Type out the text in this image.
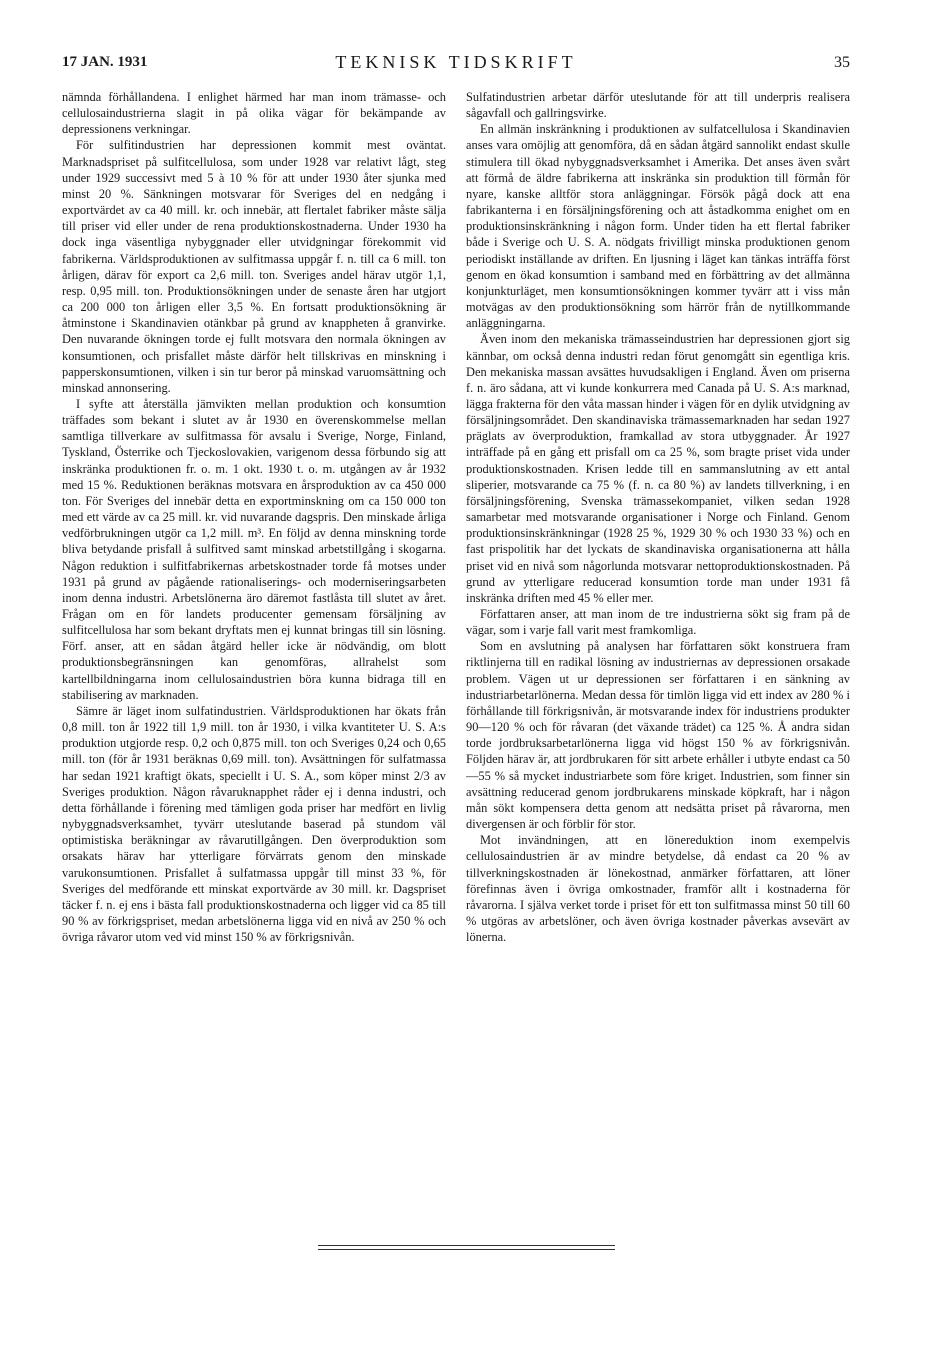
17 JAN. 1931	TEKNISK TIDSKRIFT	35

nämnda förhållandena. I enlighet härmed har man inom trämasse- och cellulosaindustrierna slagit in på olika vägar för bekämpande av depressionens verkningar.

För sulfitindustrien har depressionen kommit mest oväntat. Marknadspriset på sulfitcellulosa, som under 1928 var relativt lågt, steg under 1929 successivt med 5 à 10 % för att under 1930 åter sjunka med minst 20 %. Sänkningen motsvarar för Sveriges del en nedgång i exportvärdet av ca 40 mill. kr. och innebär, att flertalet fabriker måste sälja till priser vid eller under de rena produktionskostnaderna. Under 1930 ha dock inga väsentliga nybyggnader eller utvidgningar förekommit vid fabrikerna. Världsproduktionen av sulfitmassa uppgår f. n. till ca 6 mill. ton årligen, därav för export ca 2,6 mill. ton. Sveriges andel härav utgör 1,1, resp. 0,95 mill. ton. Produktionsökningen under de senaste åren har utgjort ca 200 000 ton årligen eller 3,5 %. En fortsatt produktionsökning är åtminstone i Skandinavien otänkbar på grund av knappheten å granvirke. Den nuvarande ökningen torde ej fullt motsvara den normala ökningen av konsumtionen, och prisfallet måste därför helt tillskrivas en minskning i papperskonsumtionen, vilken i sin tur beror på minskad varuomsättning och minskad annonsering.

I syfte att återställa jämvikten mellan produktion och konsumtion träffades som bekant i slutet av år 1930 en överenskommelse mellan samtliga tillverkare av sulfitmassa för avsalu i Sverige, Norge, Finland, Tyskland, Österrike och Tjeckoslovakien, varigenom dessa förbundo sig att inskränka produktionen fr. o. m. 1 okt. 1930 t. o. m. utgången av år 1932 med 15 %. Reduktionen beräknas motsvara en årsproduktion av ca 450 000 ton. För Sveriges del innebär detta en exportminskning om ca 150 000 ton med ett värde av ca 25 mill. kr. vid nuvarande dagspris. Den minskade årliga vedförbrukningen utgör ca 1,2 mill. m³. En följd av denna minskning torde bliva betydande prisfall å sulfitved samt minskad arbetstillgång i skogarna. Någon reduktion i sulfitfabrikernas arbetskostnader torde få motses under 1931 på grund av pågående rationaliserings- och moderniseringsarbeten inom denna industri. Arbetslönerna äro däremot fastlåsta till slutet av året. Frågan om en för landets producenter gemensam försäljning av sulfitcellulosa har som bekant dryftats men ej kunnat bringas till sin lösning. Förf. anser, att en sådan åtgärd heller icke är nödvändig, om blott produktionsbegränsningen kan genomföras, allrahelst som kartellbildningarna inom cellulosaindustrien böra kunna bidraga till en stabilisering av marknaden.

Sämre är läget inom sulfatindustrien. Världsproduktionen har ökats från 0,8 mill. ton år 1922 till 1,9 mill. ton år 1930, i vilka kvantiteter U. S. A:s produktion utgjorde resp. 0,2 och 0,875 mill. ton och Sveriges 0,24 och 0,65 mill. ton (för år 1931 beräknas 0,69 mill. ton). Avsättningen för sulfatmassa har sedan 1921 kraftigt ökats, speciellt i U. S. A., som köper minst 2/3 av Sveriges produktion. Någon råvaruknapphet råder ej i denna industri, och detta förhållande i förening med tämligen goda priser har medfört en livlig nybyggnadsverksamhet, tyvärr uteslutande baserad på stundom väl optimistiska beräkningar av råvarutillgången. Den överproduktion som orsakats härav har ytterligare förvärrats genom den minskade varukonsumtionen. Prisfallet å sulfatmassa uppgår till minst 33 %, för Sveriges del medförande ett minskat exportvärde av 30 mill. kr. Dagspriset täcker f. n. ej ens i bästa fall produktionskostnaderna och ligger vid ca 85 till 90 % av förkrigspriset, medan arbetslönerna ligga vid en nivå av 250 % och övriga råvaror utom ved vid minst 150 % av förkrigsnivån.

Sulfatindustrien arbetar därför uteslutande för att till underpris realisera sågavfall och gallringsvirke.

En allmän inskränkning i produktionen av sulfatcellulosa i Skandinavien anses vara omöjlig att genomföra, då en sådan åtgärd sannolikt endast skulle stimulera till ökad nybyggnadsverksamhet i Amerika. Det anses även svårt att förmå de äldre fabrikerna att inskränka sin produktion till förmån för nyare, kanske alltför stora anläggningar. Försök pågå dock att ena fabrikanterna i en försäljningsförening och att åstadkomma enighet om en produktionsinskränkning i någon form. Under tiden ha ett flertal fabriker både i Sverige och U. S. A. nödgats frivilligt minska produktionen genom periodiskt inställande av driften. En ljusning i läget kan tänkas inträffa först genom en ökad konsumtion i samband med en förbättring av det allmänna konjunkturläget, men konsumtionsökningen kommer tyvärr att i viss mån motvägas av den produktionsökning som härrör från de nytillkommande anläggningarna.

Även inom den mekaniska trämasseindustrien har depressionen gjort sig kännbar, om också denna industri redan förut genomgått sin egentliga kris. Den mekaniska massan avsättes huvudsakligen i England. Även om priserna f. n. äro sådana, att vi kunde konkurrera med Canada på U. S. A:s marknad, lägga frakterna för den våta massan hinder i vägen för en dylik utvidgning av försäljningsområdet. Den skandinaviska trämassemarknaden har sedan 1927 präglats av överproduktion, framkallad av stora utbyggnader. År 1927 inträffade på en gång ett prisfall om ca 25 %, som bragte priset vida under produktionskostnaden. Krisen ledde till en sammanslutning av ett antal sliperier, motsvarande ca 75 % (f. n. ca 80 %) av landets tillverkning, i en försäljningsförening, Svenska trämassekompaniet, vilken sedan 1928 samarbetar med motsvarande organisationer i Norge och Finland. Genom produktionsinskränkningar (1928 25 %, 1929 30 % och 1930 33 %) och en fast prispolitik har det lyckats de skandinaviska organisationerna att hålla priset vid en nivå som någorlunda motsvarar nettoproduktionskostnaden. På grund av ytterligare reducerad konsumtion torde man under 1931 få inskränka driften med 45 % eller mer.

Författaren anser, att man inom de tre industrierna sökt sig fram på de vägar, som i varje fall varit mest framkomliga.

Som en avslutning på analysen har författaren sökt konstruera fram riktlinjerna till en radikal lösning av industriernas av depressionen orsakade problem. Vägen ut ur depressionen ser författaren i en sänkning av industriarbetarlönerna. Medan dessa för timlön ligga vid ett index av 280 % i förhållande till förkrigsnivån, är motsvarande index för industriens produkter 90—120 % och för råvaran (det växande trädet) ca 125 %. Å andra sidan torde jordbruksarbetarlönerna ligga vid högst 150 % av förkrigsnivån. Följden härav är, att jordbrukaren för sitt arbete erhåller i utbyte endast ca 50—55 % så mycket industriarbete som före kriget. Industrien, som finner sin avsättning reducerad genom jordbrukarens minskade köpkraft, har i någon mån sökt kompensera detta genom att nedsätta priset på råvarorna, men divergensen är och förblir för stor.

Mot invändningen, att en lönereduktion inom exempelvis cellulosaindustrien är av mindre betydelse, då endast ca 20 % av tillverkningskostnaden är lönekostnad, anmärker författaren, att löner förefinnas även i övriga omkostnader, framför allt i kostnaderna för råvarorna. I själva verket torde i priset för ett ton sulfitmassa minst 50 till 60 % utgöras av arbetslöner, och även övriga kostnader påverkas avsevärt av lönerna.
